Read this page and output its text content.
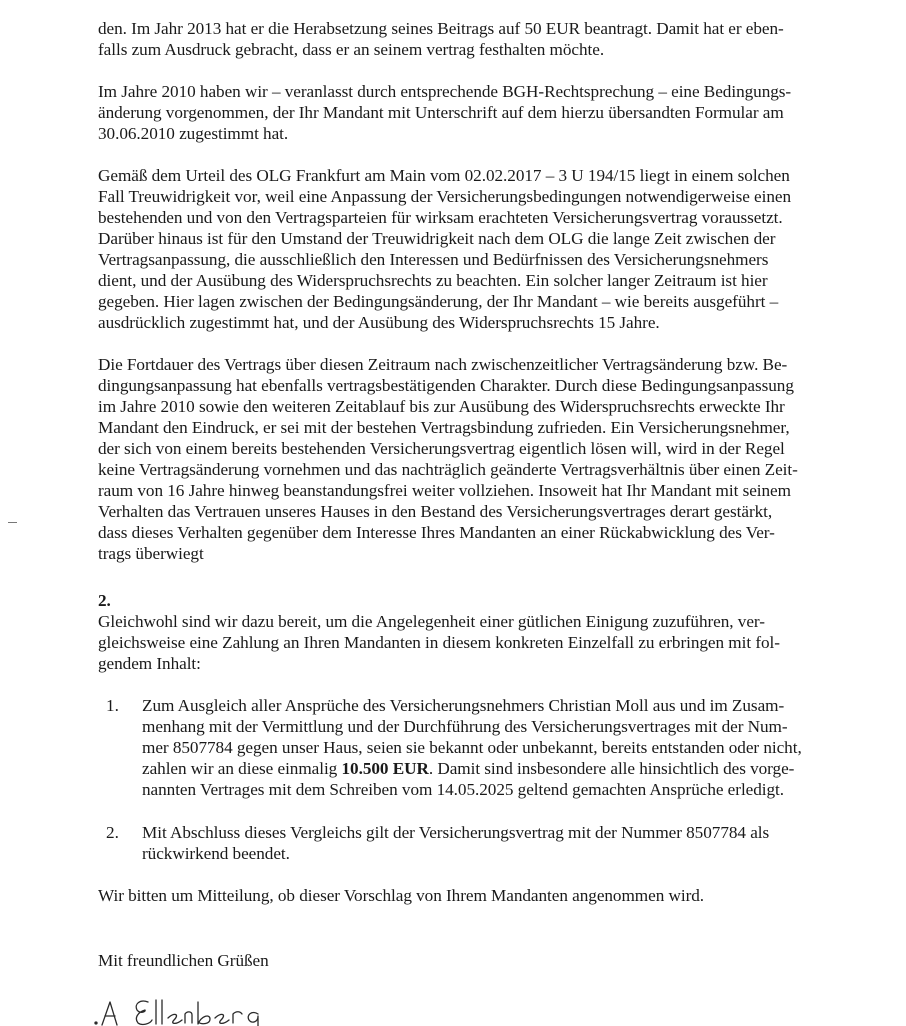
den. Im Jahr 2013 hat er die Herabsetzung seines Beitrags auf 50 EUR beantragt. Damit hat er eben-
falls zum Ausdruck gebracht, dass er an seinem vertrag festhalten möchte.
Im Jahre 2010 haben wir – veranlasst durch entsprechende BGH-Rechtsprechung – eine Bedingungs-
änderung vorgenommen, der Ihr Mandant mit Unterschrift auf dem hierzu übersandten Formular am
30.06.2010 zugestimmt hat.
Gemäß dem Urteil des OLG Frankfurt am Main vom 02.02.2017 – 3 U 194/15 liegt in einem solchen
Fall Treuwidrigkeit vor, weil eine Anpassung der Versicherungsbedingungen notwendigerweise einen
bestehenden und von den Vertragsparteien für wirksam erachteten Versicherungsvertrag voraussetzt.
Darüber hinaus ist für den Umstand der Treuwidrigkeit nach dem OLG die lange Zeit zwischen der
Vertragsanpassung, die ausschließlich den Interessen und Bedürfnissen des Versicherungsnehmers
dient, und der Ausübung des Widerspruchsrechts zu beachten. Ein solcher langer Zeitraum ist hier
gegeben. Hier lagen zwischen der Bedingungsänderung, der Ihr Mandant – wie bereits ausgeführt –
ausdrücklich zugestimmt hat, und der Ausübung des Widerspruchsrechts 15 Jahre.
Die Fortdauer des Vertrags über diesen Zeitraum nach zwischenzeitlicher Vertragsänderung bzw. Be-
dingungsanpassung hat ebenfalls vertragsbestätigenden Charakter. Durch diese Bedingungsanpassung
im Jahre 2010 sowie den weiteren Zeitablauf bis zur Ausübung des Widerspruchsrechts erweckte Ihr
Mandant den Eindruck, er sei mit der bestehen Vertragsbindung zufrieden. Ein Versicherungsnehmer,
der sich von einem bereits bestehenden Versicherungsvertrag eigentlich lösen will, wird in der Regel
keine Vertragsänderung vornehmen und das nachträglich geänderte Vertragsverhältnis über einen Zeit-
raum von 16 Jahre hinweg beanstandungsfrei weiter vollziehen. Insoweit hat Ihr Mandant mit seinem
Verhalten das Vertrauen unseres Hauses in den Bestand des Versicherungsvertrages derart gestärkt,
dass dieses Verhalten gegenüber dem Interesse Ihres Mandanten an einer Rückabwicklung des Ver-
trags überwiegt
2.
Gleichwohl sind wir dazu bereit, um die Angelegenheit einer gütlichen Einigung zuzuführen, ver-
gleichsweise eine Zahlung an Ihren Mandanten in diesem konkreten Einzelfall zu erbringen mit fol-
gendem Inhalt:
1. Zum Ausgleich aller Ansprüche des Versicherungsnehmers Christian Moll aus und im Zusam-
menhang mit der Vermittlung und der Durchführung des Versicherungsvertrages mit der Num-
mer 8507784 gegen unser Haus, seien sie bekannt oder unbekannt, bereits entstanden oder nicht,
zahlen wir an diese einmalig 10.500 EUR. Damit sind insbesondere alle hinsichtlich des vorge-
nannten Vertrages mit dem Schreiben vom 14.05.2025 geltend gemachten Ansprüche erledigt.
2. Mit Abschluss dieses Vergleichs gilt der Versicherungsvertrag mit der Nummer 8507784 als
rückwirkend beendet.
Wir bitten um Mitteilung, ob dieser Vorschlag von Ihrem Mandanten angenommen wird.
Mit freundlichen Grüßen
